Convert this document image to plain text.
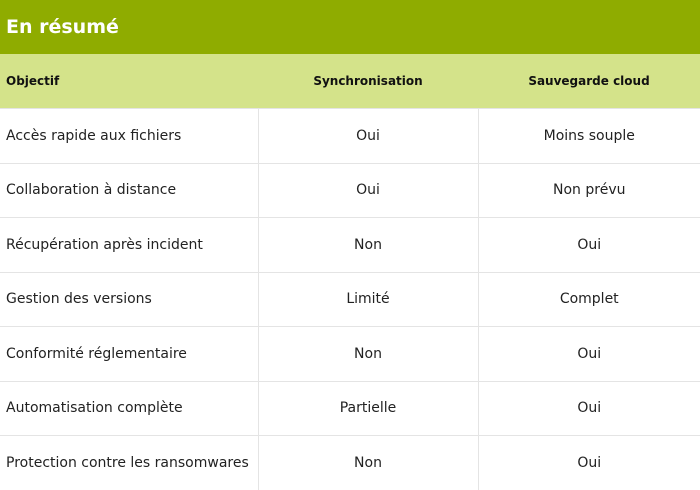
En résumé
Objectif	Synchronisation	Sauvegarde cloud
Accès rapide aux fichiers	Oui	Moins souple
Collaboration à distance	Oui	Non prévu
Récupération après incident	Non	Oui
Gestion des versions	Limité	Complet
Conformité réglementaire	Non	Oui
Automatisation complète	Partielle	Oui
Protection contre les ransomwares	Non	Oui
